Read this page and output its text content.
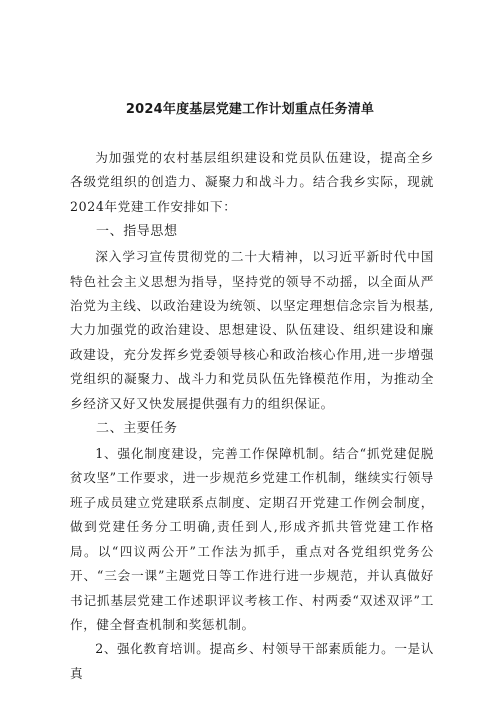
2024年度基层党建工作计划重点任务清单

为加强党的农村基层组织建设和党员队伍建设，提高全乡各级党组织的创造力、凝聚力和战斗力。结合我乡实际，现就2024年党建工作安排如下：

一、指导思想

深入学习宣传贯彻党的二十大精神，以习近平新时代中国特色社会主义思想为指导，坚持党的领导不动摇，以全面从严治党为主线、以政治建设为统领、以坚定理想信念宗旨为根基,大力加强党的政治建设、思想建设、队伍建设、组织建设和廉政建设，充分发挥乡党委领导核心和政治核心作用,进一步增强党组织的凝聚力、战斗力和党员队伍先锋模范作用，为推动全乡经济又好又快发展提供强有力的组织保证。

二、主要任务

1、强化制度建设，完善工作保障机制。结合“抓党建促脱贫攻坚”工作要求，进一步规范乡党建工作机制，继续实行领导班子成员建立党建联系点制度、定期召开党建工作例会制度，做到党建任务分工明确,责任到人,形成齐抓共管党建工作格局。以“四议两公开”工作法为抓手，重点对各党组织党务公开、“三会一课”主题党日等工作进行进一步规范，并认真做好书记抓基层党建工作述职评议考核工作、村两委“双述双评”工作，健全督查机制和奖惩机制。

2、强化教育培训。提高乡、村领导干部素质能力。一是认真
